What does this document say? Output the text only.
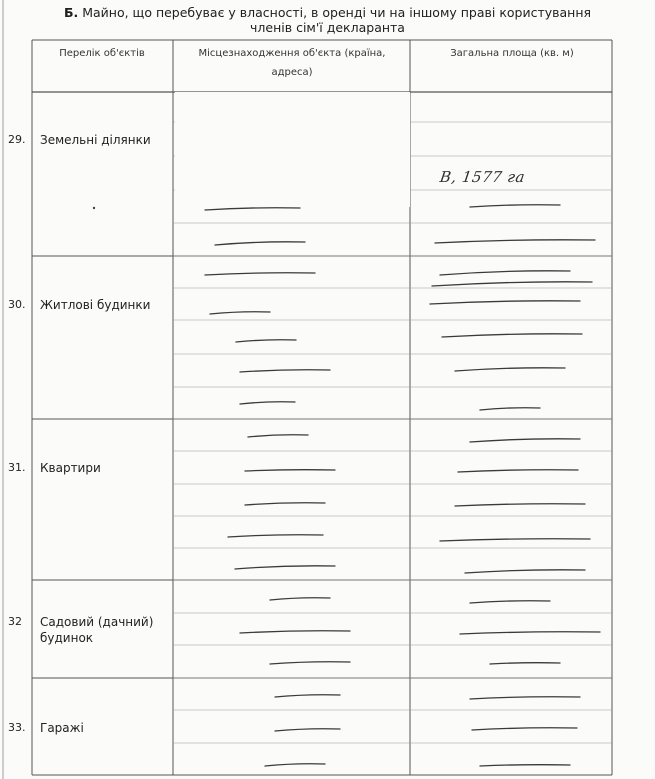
Б. Майно, що перебуває у власності, в оренді чи на іншому праві користування
членів сім'ї декларанта
Перелік об'єктів	Місцезнаходження об'єкта (країна, адреса)
Загальна площа (кв. м)
29. Земельні ділянки
30. Житлові будинки
31. Квартири
32 Садовий (дачний) будинок
33. Гаражі
В, 1577 га
